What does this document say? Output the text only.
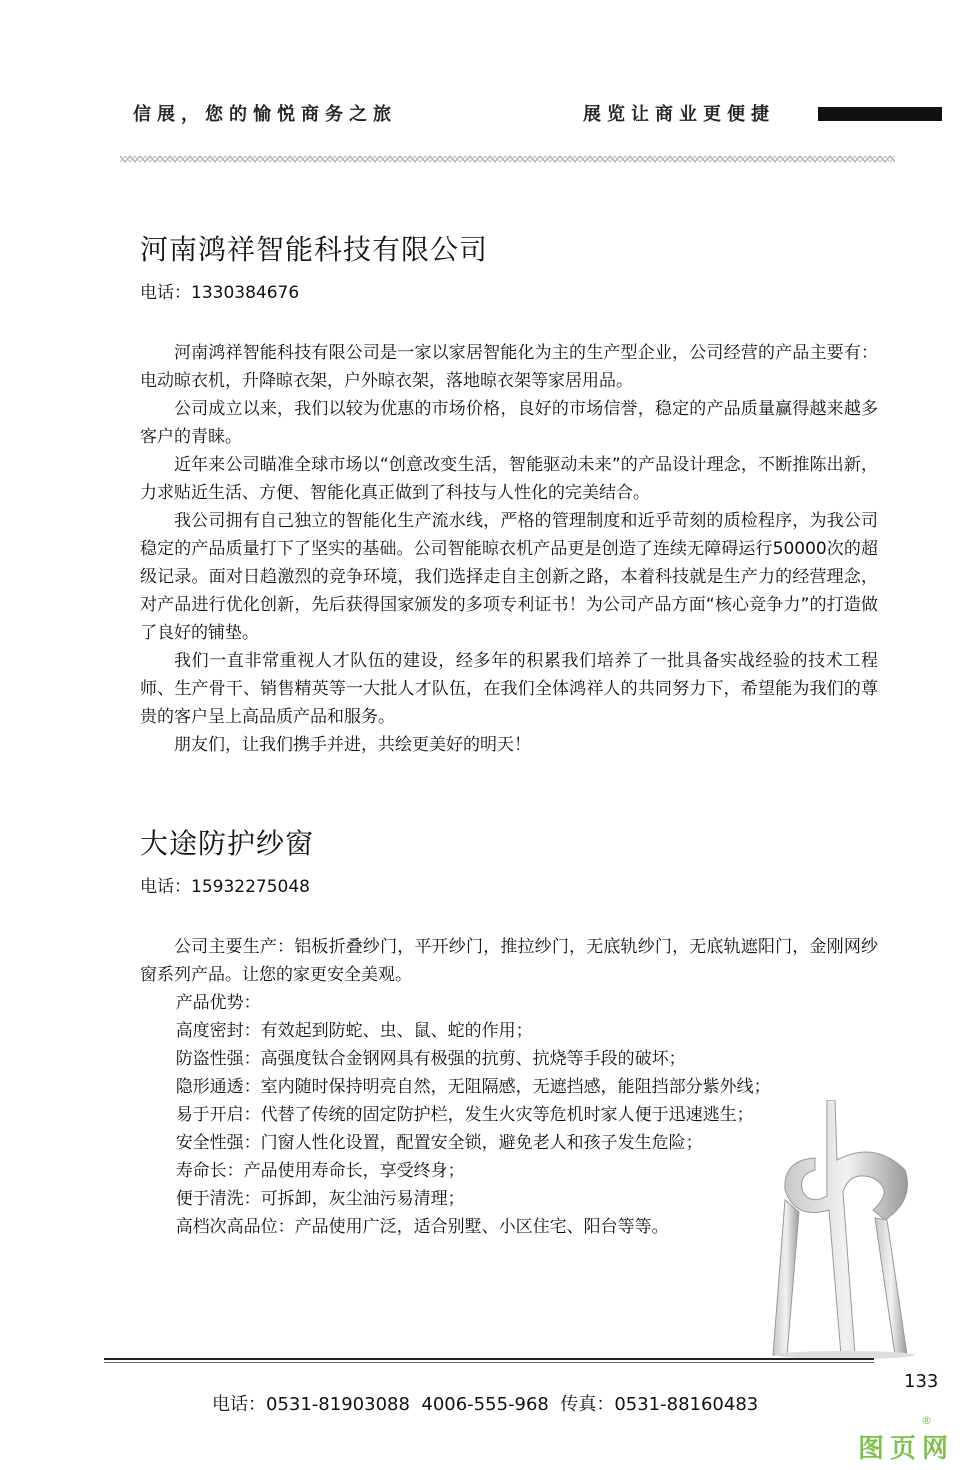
信展，您的愉悦商务之旅	展览让商业更便捷
河南鸿祥智能科技有限公司
电话：1330384676

河南鸿祥智能科技有限公司是一家以家居智能化为主的生产型企业，公司经营的产品主要有：电动晾衣机，升降晾衣架，户外晾衣架，落地晾衣架等家居用品。

公司成立以来，我们以较为优惠的市场价格，良好的市场信誉，稳定的产品质量赢得越来越多客户的青睐。

近年来公司瞄准全球市场以“创意改变生活，智能驱动未来”的产品设计理念，不断推陈出新，力求贴近生活、方便、智能化真正做到了科技与人性化的完美结合。

我公司拥有自己独立的智能化生产流水线，严格的管理制度和近乎苛刻的质检程序，为我公司稳定的产品质量打下了坚实的基础。公司智能晾衣机产品更是创造了连续无障碍运行50000次的超级记录。面对日趋激烈的竞争环境，我们选择走自主创新之路，本着科技就是生产力的经营理念，对产品进行优化创新，先后获得国家颁发的多项专利证书！为公司产品方面“核心竞争力”的打造做了良好的铺垫。

我们一直非常重视人才队伍的建设，经多年的积累我们培养了一批具备实战经验的技术工程师、生产骨干、销售精英等一大批人才队伍，在我们全体鸿祥人的共同努力下，希望能为我们的尊贵的客户呈上高品质产品和服务。

朋友们，让我们携手并进，共绘更美好的明天！

大途防护纱窗
电话：15932275048

公司主要生产：铝板折叠纱门，平开纱门，推拉纱门，无底轨纱门，无底轨遮阳门，金刚网纱窗系列产品。让您的家更安全美观。

产品优势：

高度密封：有效起到防蛇、虫、鼠、蛇的作用；

防盗性强：高强度钛合金钢网具有极强的抗剪、抗烧等手段的破坏；

隐形通透：室内随时保持明亮自然，无阻隔感，无遮挡感，能阻挡部分紫外线；

易于开启：代替了传统的固定防护栏，发生火灾等危机时家人便于迅速逃生；

安全性强：门窗人性化设置，配置安全锁，避免老人和孩子发生危险；

寿命长：产品使用寿命长，享受终身；

便于清洗：可拆卸，灰尘油污易清理；

高档次高品位：产品使用广泛，适合别墅、小区住宅、阳台等等。

133
电话：0531-81903088  4006-555-968  传真：0531-88160483
图页网
®
